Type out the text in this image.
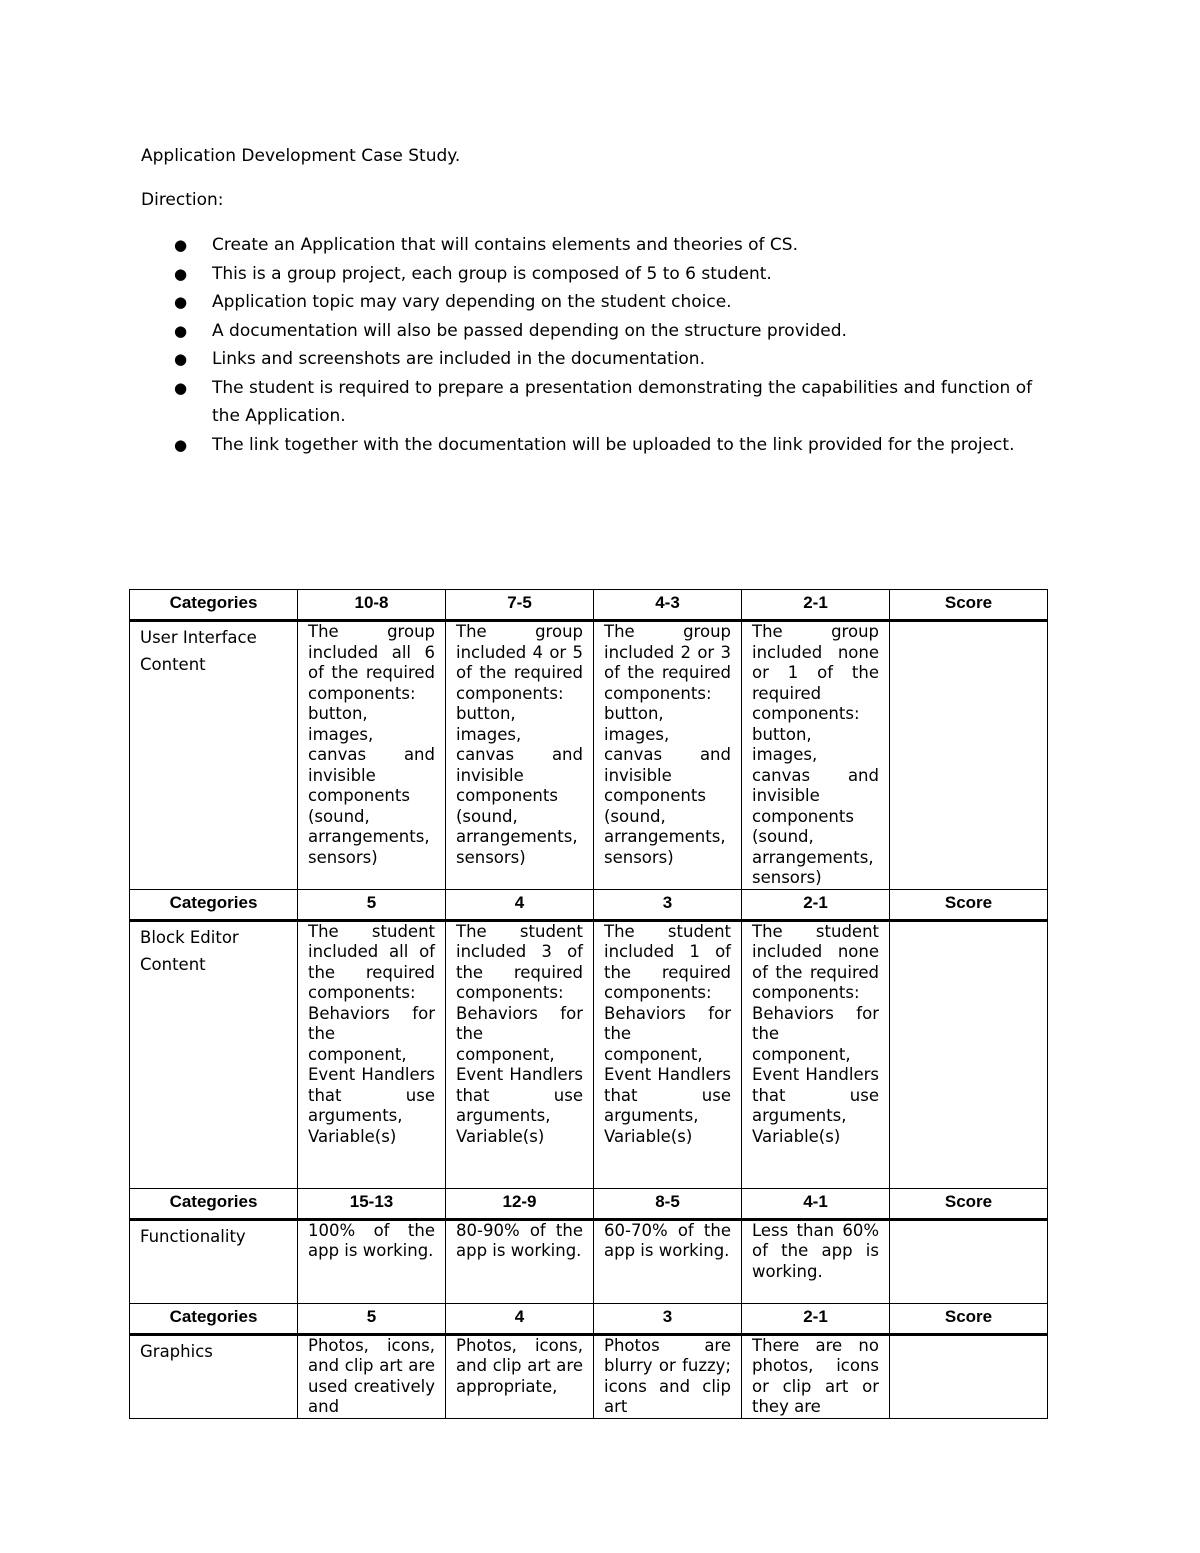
Application Development Case Study.

Direction:

● Create an Application that will contains elements and theories of CS.
● This is a group project, each group is composed of 5 to 6 student.
● Application topic may vary depending on the student choice.
● A documentation will also be passed depending on the structure provided.
● Links and screenshots are included in the documentation.
● The student is required to prepare a presentation demonstrating the capabilities and function of the Application.
● The link together with the documentation will be uploaded to the link provided for the project.
Categories	10-8	7-5	4-3	2-1	Score
User Interface Content	The group included all 6 of the required components: button, images, canvas and invisible components (sound, arrangements, sensors)	The group included 4 or 5 of the required components: button, images, canvas and invisible components (sound, arrangements, sensors)	The group included 2 or 3 of the required components: button, images, canvas and invisible components (sound, arrangements, sensors)	The group included none or 1 of the required components: button, images, canvas and invisible components (sound, arrangements, sensors)	
Categories	5	4	3	2-1	Score
Block Editor Content	The student included all of the required components: Behaviors for the component, Event Handlers that use arguments, Variable(s)	The student included 3 of the required components: Behaviors for the component, Event Handlers that use arguments, Variable(s)	The student included 1 of the required components: Behaviors for the component, Event Handlers that use arguments, Variable(s)	The student included none of the required components: Behaviors for the component, Event Handlers that use arguments, Variable(s)	
Categories	15-13	12-9	8-5	4-1	Score
Functionality	100% of the app is working.	80-90% of the app is working.	60-70% of the app is working.	Less than 60% of the app is working.	
Categories	5	4	3	2-1	Score
Graphics	Photos, icons, and clip art are used creatively and	Photos, icons, and clip art are appropriate,	Photos are blurry or fuzzy; icons and clip art	There are no photos, icons or clip art or they are	
